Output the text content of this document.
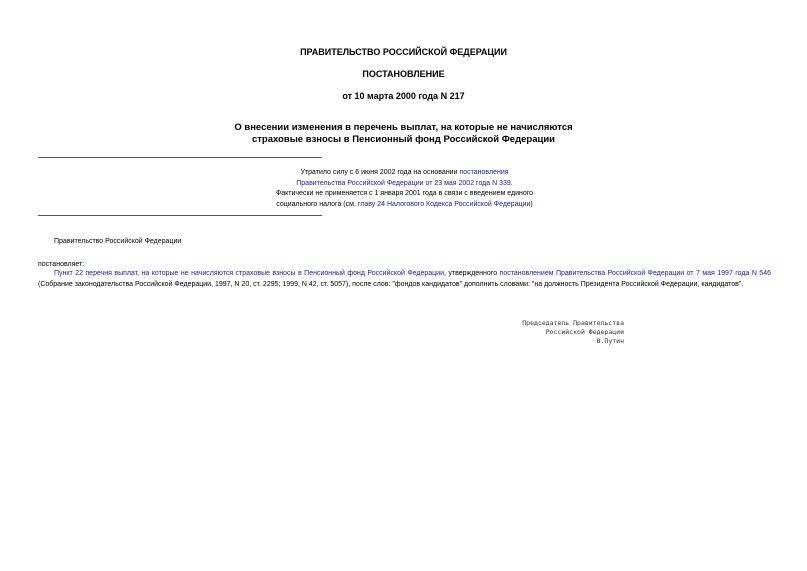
ПРАВИТЕЛЬСТВО РОССИЙСКОЙ ФЕДЕРАЦИИ
ПОСТАНОВЛЕНИЕ
от 10 марта 2000 года N 217
О внесении изменения в перечень выплат, на которые не начисляются
страховые взносы в Пенсионный фонд Российской Федерации
Утратило силу с 6 июня 2002 года на основании постановления
Правительства Российской Федерации от 23 мая 2002 года N 339.
Фактически не применяется с 1 января 2001 года в связи с введением единого
социального налога (см. главу 24 Налогового Кодекса Российской Федерации)
Правительство Российской Федерации
постановляет:
Пункт 22 перечня выплат, на которые не начисляются страховые взносы в Пенсионный фонд Российской Федерации, утвержденного постановлением Правительства Российской Федерации от 7 мая 1997 года N 546 (Собрание законодательства Российской Федерации, 1997, N 20, ст. 2295; 1999, N 42, ст. 5057), после слов: "фондов кандидатов" дополнить словами: "на должность Президента Российской Федерации, кандидатов".
Председатель Правительства
Российской Федерации
В.Путин
